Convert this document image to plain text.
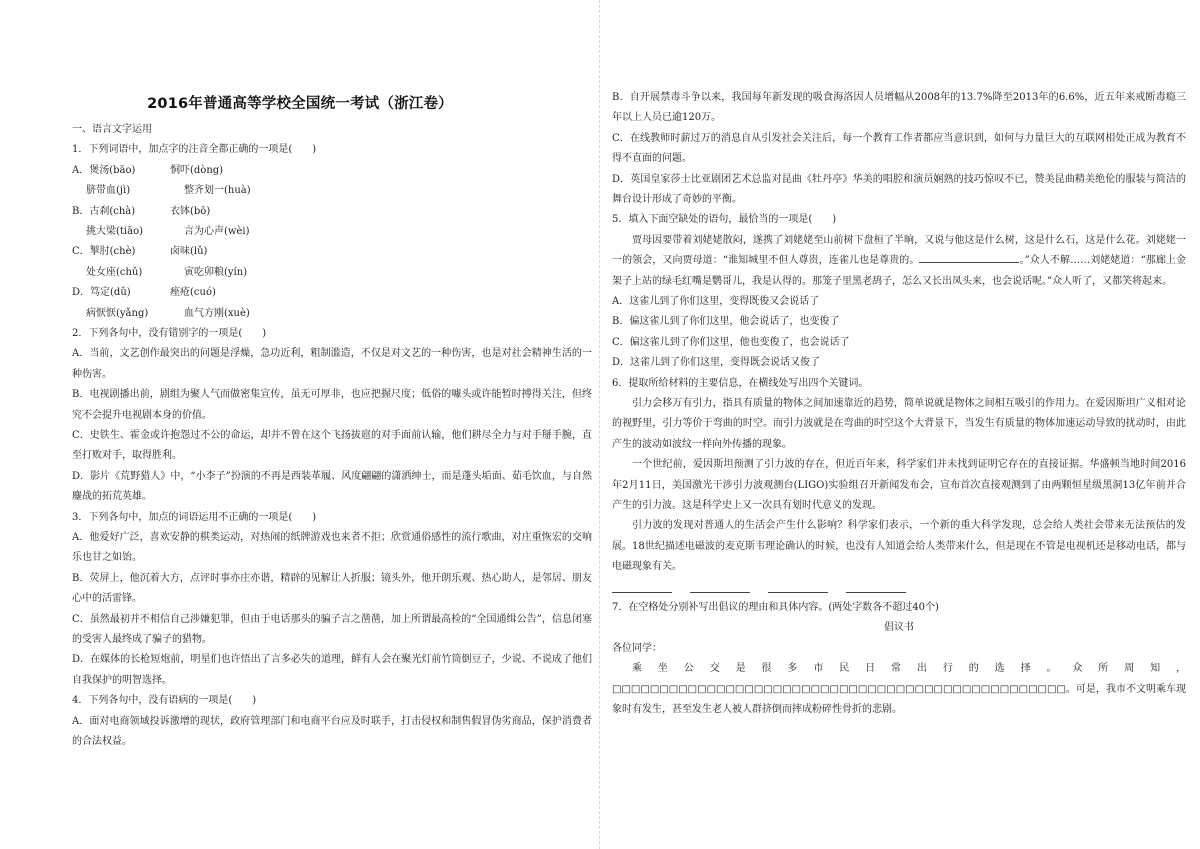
2016年普通高等学校全国统一考试（浙江卷）
一、语言文字运用
1．下列词语中，加点字的注音全都正确的一项是(　　)
A．煲汤(bāo)	恫吓(dòng)
脐带血(jì)	整齐划一(huà)
B．古刹(chà)	衣钵(bō)
挑大梁(tiāo)	言为心声(wèi)
C．掣肘(chè)	卤味(lǔ)
处女座(chǔ)	寅吃卯粮(yín)
D．笃定(dǔ)	痤疮(cuó)
病恹恹(yǎng)	血气方刚(xuè)
2．下列各句中，没有错别字的一项是(　　)
A．当前，文艺创作最突出的问题是浮燥，急功近利，粗制滥造，不仅是对文艺的一种伤害，也是对社会精神生活的一种伤害。
B．电视剧播出前，剧组为聚人气而做密集宣传，虽无可厚非，也应把握尺度；低俗的噱头或许能暂时搏得关注，但终究不会提升电视剧本身的价值。
C．史铁生、霍金或许抱怨过不公的命运，却并不曾在这个飞扬拔扈的对手面前认输，他们耕尽全力与对手掰手腕，直至打败对手，取得胜利。
D．影片《荒野猎人》中，“小李子”扮演的不再是西装革履、风度翩翩的潇洒绅士，而是蓬头垢面、茹毛饮血，与自然鏖战的拓荒英雄。
3．下列各句中，加点的词语运用不正确的一项是(　　)
A．他爱好广泛，喜欢安静的棋类运动，对热闹的纸牌游戏也来者不拒；欣赏通俗感性的流行歌曲，对庄重恢宏的交响乐也甘之如饴。
B．荧屏上，他沉着大方，点评时事亦庄亦谐，精辟的见解让人折服；镜头外，他开朗乐观、热心助人，是邻居、朋友心中的活雷锋。
C．虽然最初并不相信自己涉嫌犯罪，但由于电话那头的骗子言之凿凿，加上所谓最高检的“全国通缉公告”，信息闭塞的受害人最终成了骗子的猎物。
D．在媒体的长枪短炮前，明星们也许悟出了言多必失的道理，鲜有人会在聚光灯前竹筒倒豆子，少说、不说成了他们自我保护的明智选择。
4．下列各句中，没有语病的一项是(　　)
A．面对电商领域投诉激增的现状，政府管理部门和电商平台应及时联手，打击侵权和制售假冒伪劣商品，保护消费者的合法权益。
B．自开展禁毒斗争以来，我国每年新发现的吸食海洛因人员增幅从2008年的13.7%降至2013年的6.6%，近五年来戒断毒瘾三年以上人员已逾120万。
C．在线教师时薪过万的消息自从引发社会关注后，每一个教育工作者都应当意识到，如何与力量巨大的互联网相处正成为教育不得不直面的问题。
D．英国皇家莎士比亚剧团艺术总监对昆曲《牡丹亭》华美的唱腔和演员娴熟的技巧惊叹不已，赞美昆曲精美绝伦的服装与简洁的舞台设计形成了奇妙的平衡。
5．填入下面空缺处的语句，最恰当的一项是(　　)
贾母因要带着刘姥姥散闷，遂携了刘姥姥至山前树下盘桓了半晌，又说与他这是什么树，这是什么石，这是什么花。刘姥姥一一的领会，又向贾母道：“谁知城里不但人尊贵，连雀儿也是尊贵的。	。”众人不解……刘姥姥道：“那廊上金架子上站的绿毛红嘴是鹦哥儿，我是认得的。那笼子里黑老鸹子，怎么又长出凤头来，也会说话呢。”众人听了，又都笑将起来。
A．这雀儿到了你们这里，变得既俊又会说话了
B．偏这雀儿到了你们这里，他会说话了，也变俊了
C．偏这雀儿到了你们这里，他也变俊了，也会说话了
D．这雀儿到了你们这里，变得既会说话又俊了
6．提取所给材料的主要信息，在横线处写出四个关键词。
引力会移万有引力，指具有质量的物体之间加速靠近的趋势，简单说就是物体之间相互吸引的作用力。在爱因斯坦广义相对论的视野里，引力等价于弯曲的时空。而引力波就是在弯曲的时空这个大背景下，当发生有质量的物体加速运动导致的扰动时，由此产生的波动如波纹一样向外传播的现象。
一个世纪前，爱因斯坦预测了引力波的存在，但近百年来，科学家们并未找到证明它存在的直接证据。华盛顿当地时间2016年2月11日，美国激光干涉引力波观测台(LIGO)实验组召开新闻发布会，宣布首次直接观测到了由两颗恒星级黑洞13亿年前并合产生的引力波。这是科学史上又一次具有划时代意义的发现。
引力波的发现对普通人的生活会产生什么影响？科学家们表示，一个新的重大科学发现，总会给人类社会带来无法预估的发展。18世纪描述电磁波的麦克斯韦理论确认的时候，也没有人知道会给人类带来什么，但是现在不管是电视机还是移动电话，都与电磁现象有关。
7．在空格处分别补写出倡议的理由和具体内容。(两处字数各不超过40个)
倡议书
各位同学：
乘坐公交是很多市民日常出行的选择。众所周知，□□□□□□□□□□□□□□□□□□□□□□□□□□□□□□□□□□□□□□□□□□□□□□□□。可是，我市不文明乘车现象时有发生，甚至发生老人被人群挤倒而摔成粉碎性骨折的悲剧。
